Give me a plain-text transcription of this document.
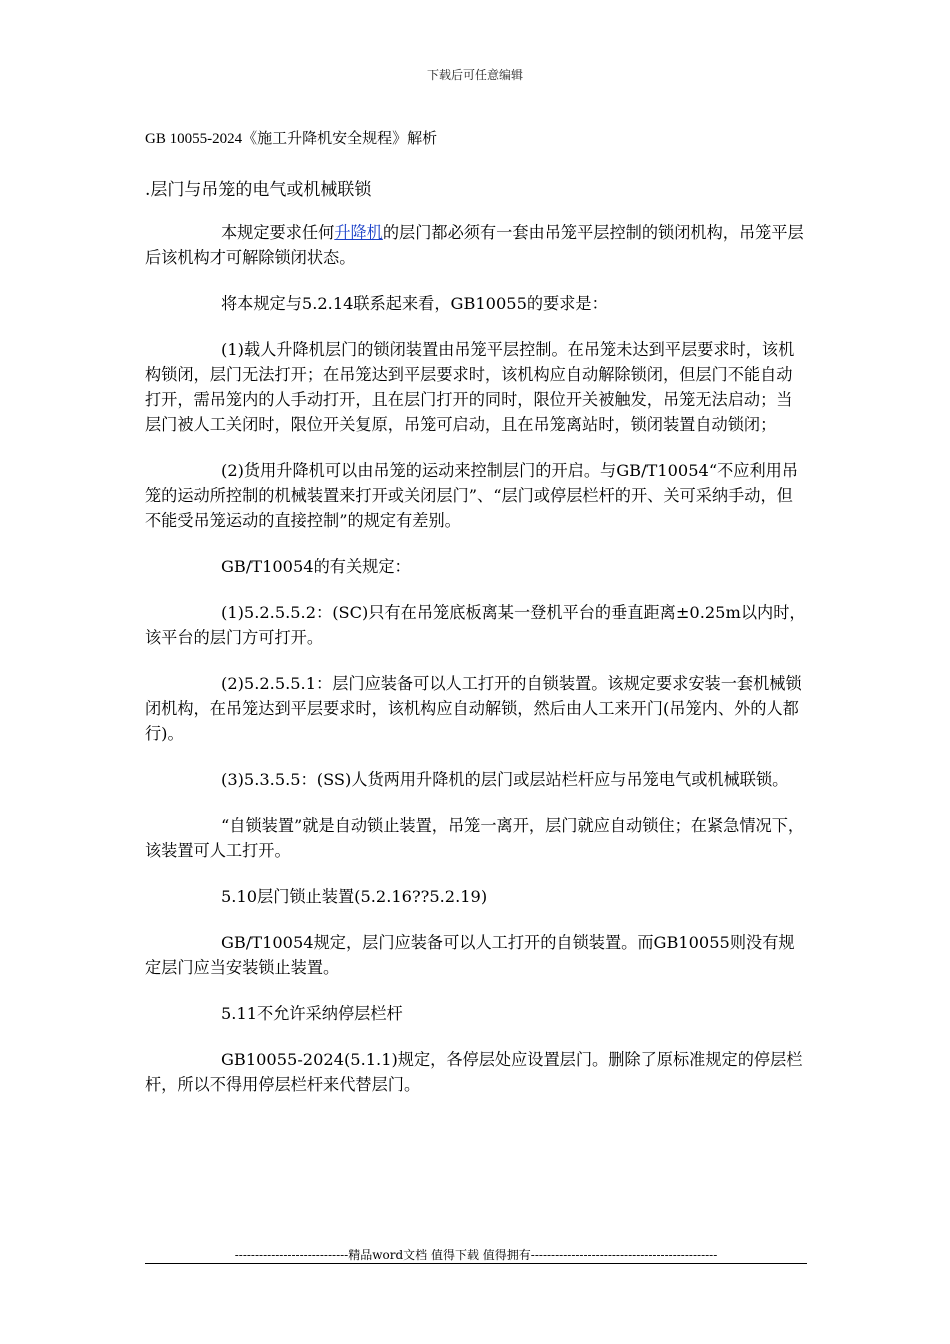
下载后可任意编辑
GB 10055-2024《施工升降机安全规程》解析
.层门与吊笼的电气或机械联锁

本规定要求任何升降机的层门都必须有一套由吊笼平层控制的锁闭机构，吊笼平层后该机构才可解除锁闭状态。

将本规定与5.2.14联系起来看，GB10055的要求是：

(1)载人升降机层门的锁闭装置由吊笼平层控制。在吊笼未达到平层要求时，该机构锁闭，层门无法打开；在吊笼达到平层要求时，该机构应自动解除锁闭，但层门不能自动打开，需吊笼内的人手动打开，且在层门打开的同时，限位开关被触发，吊笼无法启动；当层门被人工关闭时，限位开关复原，吊笼可启动，且在吊笼离站时，锁闭装置自动锁闭；

(2)货用升降机可以由吊笼的运动来控制层门的开启。与GB/T10054“不应利用吊笼的运动所控制的机械装置来打开或关闭层门”、“层门或停层栏杆的开、关可采纳手动，但不能受吊笼运动的直接控制”的规定有差别。

GB/T10054的有关规定：

(1)5.2.5.5.2：(SC)只有在吊笼底板离某一登机平台的垂直距离±0.25m以内时，该平台的层门方可打开。

(2)5.2.5.5.1：层门应装备可以人工打开的自锁装置。该规定要求安装一套机械锁闭机构，在吊笼达到平层要求时，该机构应自动解锁，然后由人工来开门(吊笼内、外的人都行)。

(3)5.3.5.5：(SS)人货两用升降机的层门或层站栏杆应与吊笼电气或机械联锁。

“自锁装置”就是自动锁止装置，吊笼一离开，层门就应自动锁住；在紧急情况下，该装置可人工打开。

5.10层门锁止装置(5.2.16??5.2.19)

GB/T10054规定，层门应装备可以人工打开的自锁装置。而GB10055则没有规定层门应当安装锁止装置。

5.11不允许采纳停层栏杆

GB10055-2024(5.1.1)规定，各停层处应设置层门。删除了原标准规定的停层栏杆，所以不得用停层栏杆来代替层门。

----------------------------精品word文档 值得下载 值得拥有----------------------------------------------
